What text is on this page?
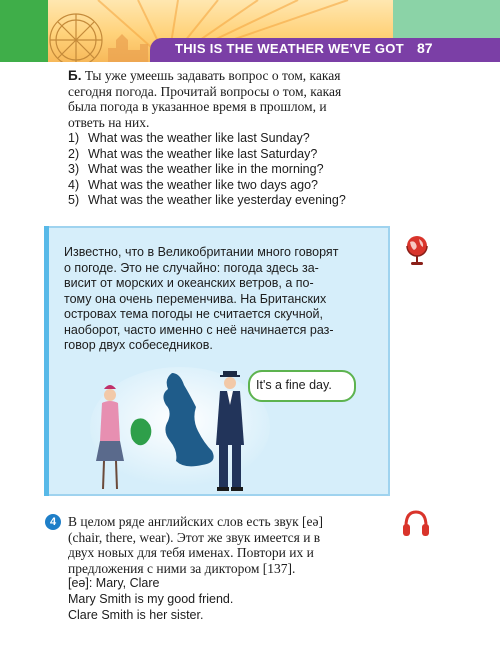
THIS IS THE WEATHER WE'VE GOT 87
Б. Ты уже умеешь задавать вопрос о том, какая
сегодня погода. Прочитай вопросы о том, какая
была погода в указанное время в прошлом, и
ответь на них.
1) What was the weather like last Sunday?
2) What was the weather like last Saturday?
3) What was the weather like in the morning?
4) What was the weather like two days ago?
5) What was the weather like yesterday evening?
Известно, что в Великобритании много говорят
о погоде. Это не случайно: погода здесь за-
висит от морских и океанских ветров, а по-
тому она очень переменчива. На Британских
островах тема погоды не считается скучной,
наоборот, часто именно с неё начинается раз-
говор двух собеседников.
It's a fine day.
4 В целом ряде английских слов есть звук [eə]
(chair, there, wear). Этот же звук имеется и в
двух новых для тебя именах. Повтори их и
предложения с ними за диктором [137].
[eə]: Mary, Clare
Mary Smith is my good friend.
Clare Smith is her sister.
